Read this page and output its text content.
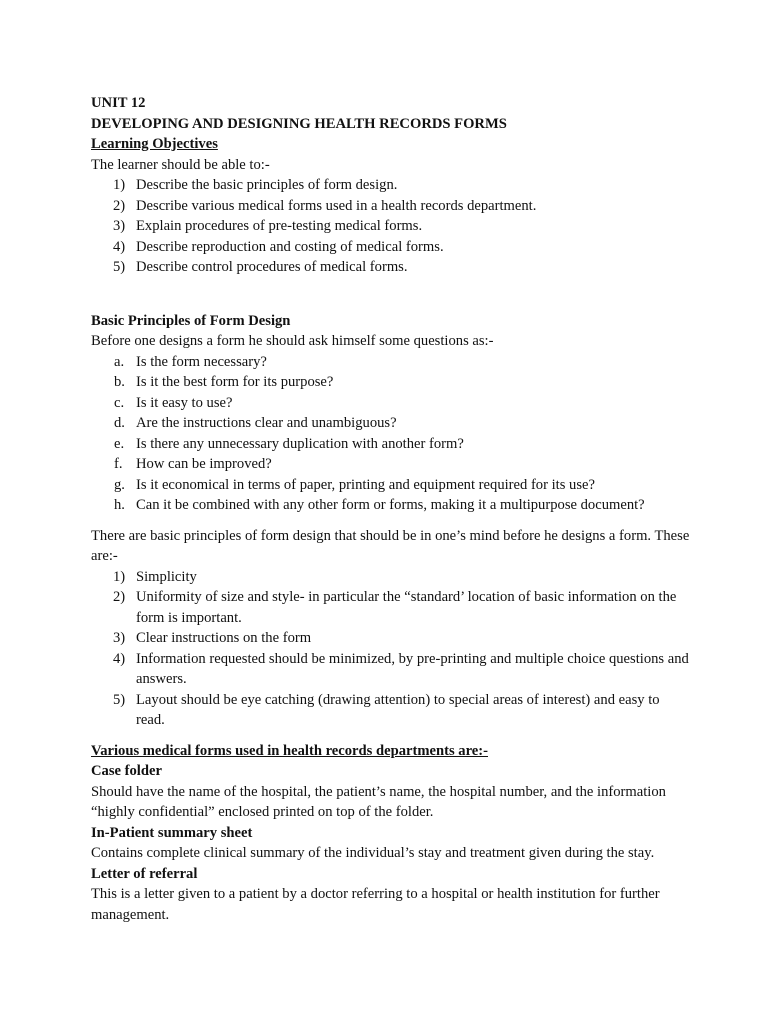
UNIT 12

DEVELOPING AND DESIGNING HEALTH RECORDS FORMS

Learning Objectives

The learner should be able to:-

1) Describe the basic principles of form design.
2) Describe various medical forms used in a health records department.
3) Explain procedures of pre-testing medical forms.
4) Describe reproduction and costing of medical forms.
5) Describe control procedures of medical forms.

Basic Principles of Form Design

Before one designs a form he should ask himself some questions as:-

a. Is the form necessary?
b. Is it the best form for its purpose?
c. Is it easy to use?
d. Are the instructions clear and unambiguous?
e. Is there any unnecessary duplication with another form?
f. How can be improved?
g. Is it economical in terms of paper, printing and equipment required for its use?
h. Can it be combined with any other form or forms, making it a multipurpose document?

There are basic principles of form design that should be in one’s mind before he designs a form. These are:-

1) Simplicity
2) Uniformity of size and style- in particular the “standard’ location of basic information on the form is important.
3) Clear instructions on the form
4) Information requested should be minimized, by pre-printing and multiple choice questions and answers.
5) Layout should be eye catching (drawing attention) to special areas of interest) and easy to read.

Various medical forms used in health records departments are:-

Case folder

Should have the name of the hospital, the patient’s name, the hospital number, and the information “highly confidential” enclosed printed on top of the folder.

In-Patient summary sheet

Contains complete clinical summary of the individual’s stay and treatment given during the stay.

Letter of referral

This is a letter given to a patient by a doctor referring to a hospital or health institution for further management.
